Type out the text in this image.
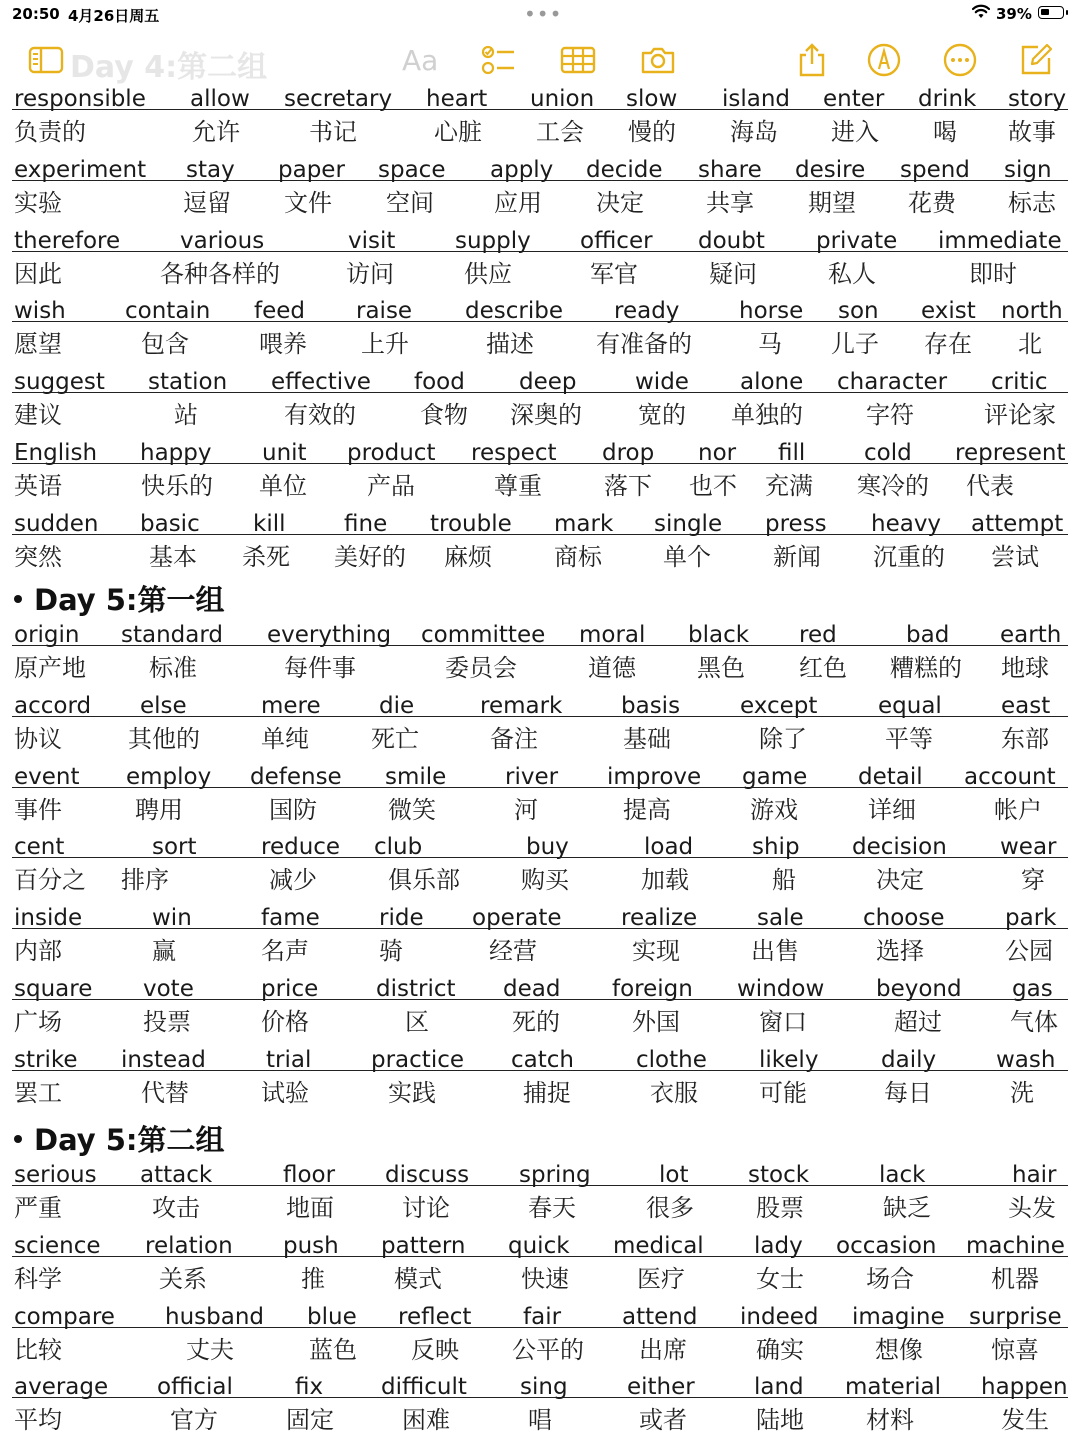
20:50 4月26日周五	•••	39%
Day 4:第二组	Aa
responsible allow secretary heart union slow island enter drink story
负责的	允许	书记	心脏 工会 慢的 海岛 进入 喝 故事
experiment stay paper space apply decide share desire spend sign
实验	逗留 文件 空间	应用 决定	共享 期望 花费 标志
therefore	various	visit	supply officer doubt private immediate
因此	各种各样的	访问	供应	军官	疑问	私人	即时
wish	contain feed raise describe ready	horse son exist north
愿望	包含	喂养 上升	描述	有准备的	马 儿子 存在 北
suggest station effective food deep	wide alone character critic
建议	站	有效的	食物 深奥的 宽的 单独的	字符	评论家
English happy unit product respect drop nor fill	cold represent
英语	快乐的 单位	产品	尊重	落下 也不 充满 寒冷的 代表
sudden basic kill	fine trouble mark single press heavy attempt
突然	基本 杀死 美好的 麻烦	商标	单个	新闻 沉重的 尝试
Day 5:第一组
origin standard everything committee moral black red	bad earth
原产地	标准	每件事	委员会	道德	黑色 红色 糟糕的 地球
accord else	mere	die	remark	basis	except	equal	east
协议	其他的	单纯	死亡	备注	基础	除了	平等	东部
event employ defense smile	river improve game detail account
事件	聘用	国防	微笑	河	提高	游戏	详细	帐户
cent	sort	reduce club	buy	load	ship decision wear
百分之 排序	减少	俱乐部	购买	加载	船	决定	穿
inside	win	fame	ride operate	realize	sale	choose	park
内部	赢	名声	骑	经营	实现	出售	选择	公园
square vote	price	district dead foreign window beyond gas
广场	投票	价格	区	死的	外国	窗口	超过	气体
strike instead	trial	practice catch	clothe likely	daily	wash
罢工	代替	试验	实践	捕捉	衣服	可能	每日	洗
Day 5:第二组
serious attack	floor discuss spring	lot	stock	lack	hair
严重	攻击	地面	讨论	春天	很多	股票	缺乏	头发
science relation push pattern quick medical lady occasion machine
科学	关系	推	模式	快速	医疗	女士	场合	机器
compare husband blue reflect fair	attend indeed imagine surprise
比较	丈夫	蓝色 反映 公平的 出席	确实	想像	惊喜
average official	fix	difficult sing	either	land material happen
平均	官方	固定	困难	唱	或者	陆地	材料	发生
